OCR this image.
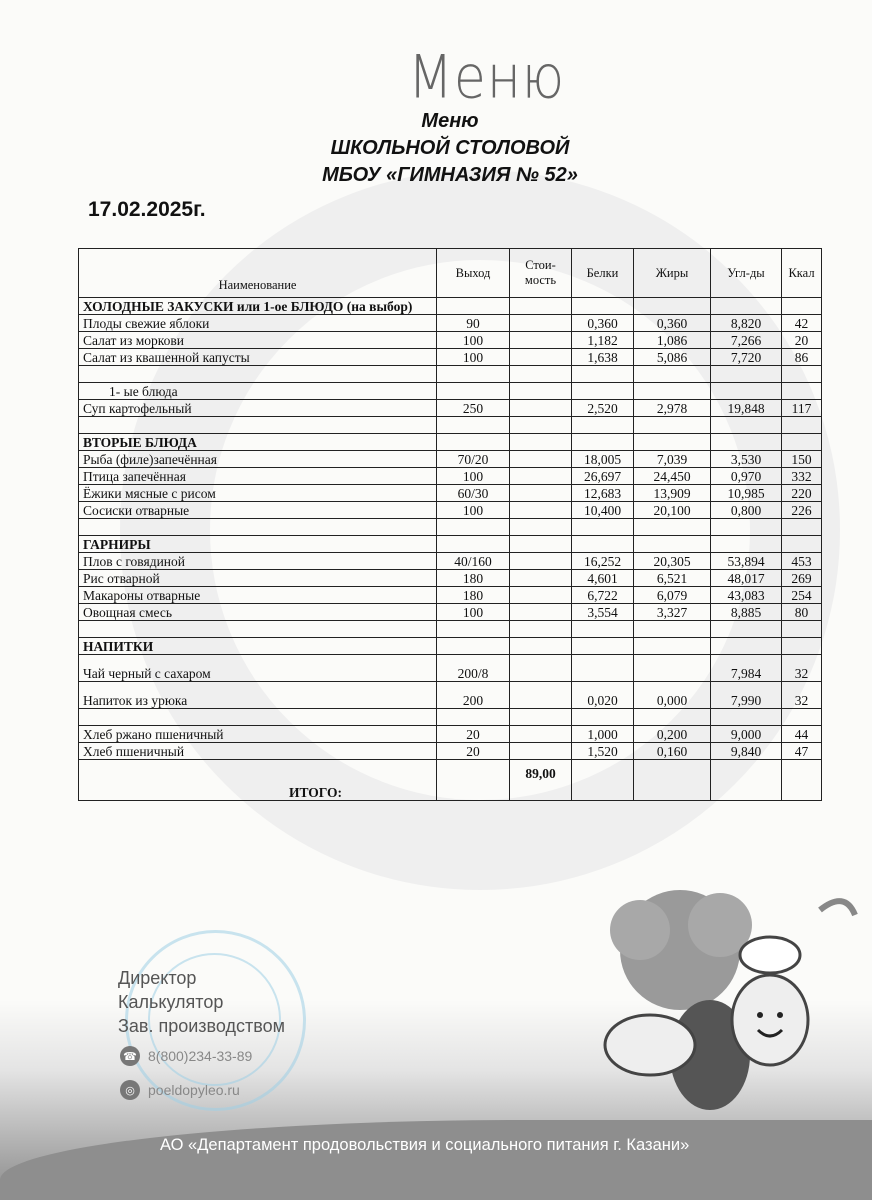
Меню
Меню
ШКОЛЬНОЙ СТОЛОВОЙ
МБОУ «ГИМНАЗИЯ № 52»
17.02.2025г.
Наименование	Выход	Стои-мость	Белки	Жиры	Угл-ды	Ккал
ХОЛОДНЫЕ ЗАКУСКИ или 1-ое БЛЮДО (на выбор)						
Плоды свежие яблоки	90		0,360	0,360	8,820	42
Салат из моркови	100		1,182	1,086	7,266	20
Салат из квашенной капусты	100		1,638	5,086	7,720	86

1- ые блюда						
Суп картофельный	250		2,520	2,978	19,848	117

ВТОРЫЕ БЛЮДА						
Рыба (филе)запечённая	70/20		18,005	7,039	3,530	150
Птица запечённая	100		26,697	24,450	0,970	332
Ёжики мясные с рисом	60/30		12,683	13,909	10,985	220
Сосиски отварные	100		10,400	20,100	0,800	226

ГАРНИРЫ						
Плов с говядиной	40/160		16,252	20,305	53,894	453
Рис отварной	180		4,601	6,521	48,017	269
Макароны отварные	180		6,722	6,079	43,083	254
Овощная смесь	100		3,554	3,327	8,885	80

НАПИТКИ						
Чай черный с сахаром	200/8				7,984	32
Напиток из урюка	200		0,020	0,000	7,990	32

Хлеб ржано пшеничный	20		1,000	0,200	9,000	44
Хлеб пшеничный	20		1,520	0,160	9,840	47
ИТОГО:		89,00				
Директор
Калькулятор
Зав. производством
☎ 8(800)234-33-89
◎ poeldopyleo.ru
АО «Департамент продовольствия и социального питания г. Казани»
